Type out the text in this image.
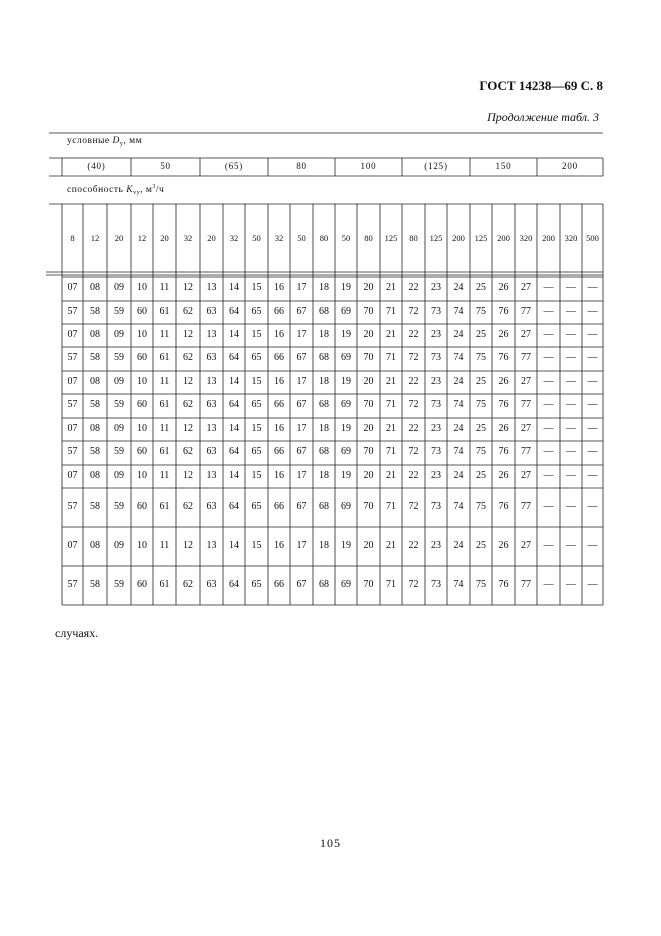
ГОСТ 14238—69 С. 8
Продолжение табл. 3
условные $D_у$, мм
способность $K_{vy}$, $м^3/ч$
(40)	50	(65)	80	100	(125)	150	200
8	12	20	12	20	32	20	32	50	32	50	80	50	80	125	80	125	200	125	200	320	200	320	500
07	08	09	10	11	12	13	14	15	16	17	18	19	20	21	22	23	24	25	26	27	—	—	—
57	58	59	60	61	62	63	64	65	66	67	68	69	70	71	72	73	74	75	76	77	—	—	—
07	08	09	10	11	12	13	14	15	16	17	18	19	20	21	22	23	24	25	26	27	—	—	—
57	58	59	60	61	62	63	64	65	66	67	68	69	70	71	72	73	74	75	76	77	—	—	—
07	08	09	10	11	12	13	14	15	16	17	18	19	20	21	22	23	24	25	26	27	—	—	—
57	58	59	60	61	62	63	64	65	66	67	68	69	70	71	72	73	74	75	76	77	—	—	—
07	08	09	10	11	12	13	14	15	16	17	18	19	20	21	22	23	24	25	26	27	—	—	—
57	58	59	60	61	62	63	64	65	66	67	68	69	70	71	72	73	74	75	76	77	—	—	—
07	08	09	10	11	12	13	14	15	16	17	18	19	20	21	22	23	24	25	26	27	—	—	—
57	58	59	60	61	62	63	64	65	66	67	68	69	70	71	72	73	74	75	76	77	—	—	—
07	08	09	10	11	12	13	14	15	16	17	18	19	20	21	22	23	24	25	26	27	—	—	—
57	58	59	60	61	62	63	64	65	66	67	68	69	70	71	72	73	74	75	76	77	—	—	—
случаях.
105
